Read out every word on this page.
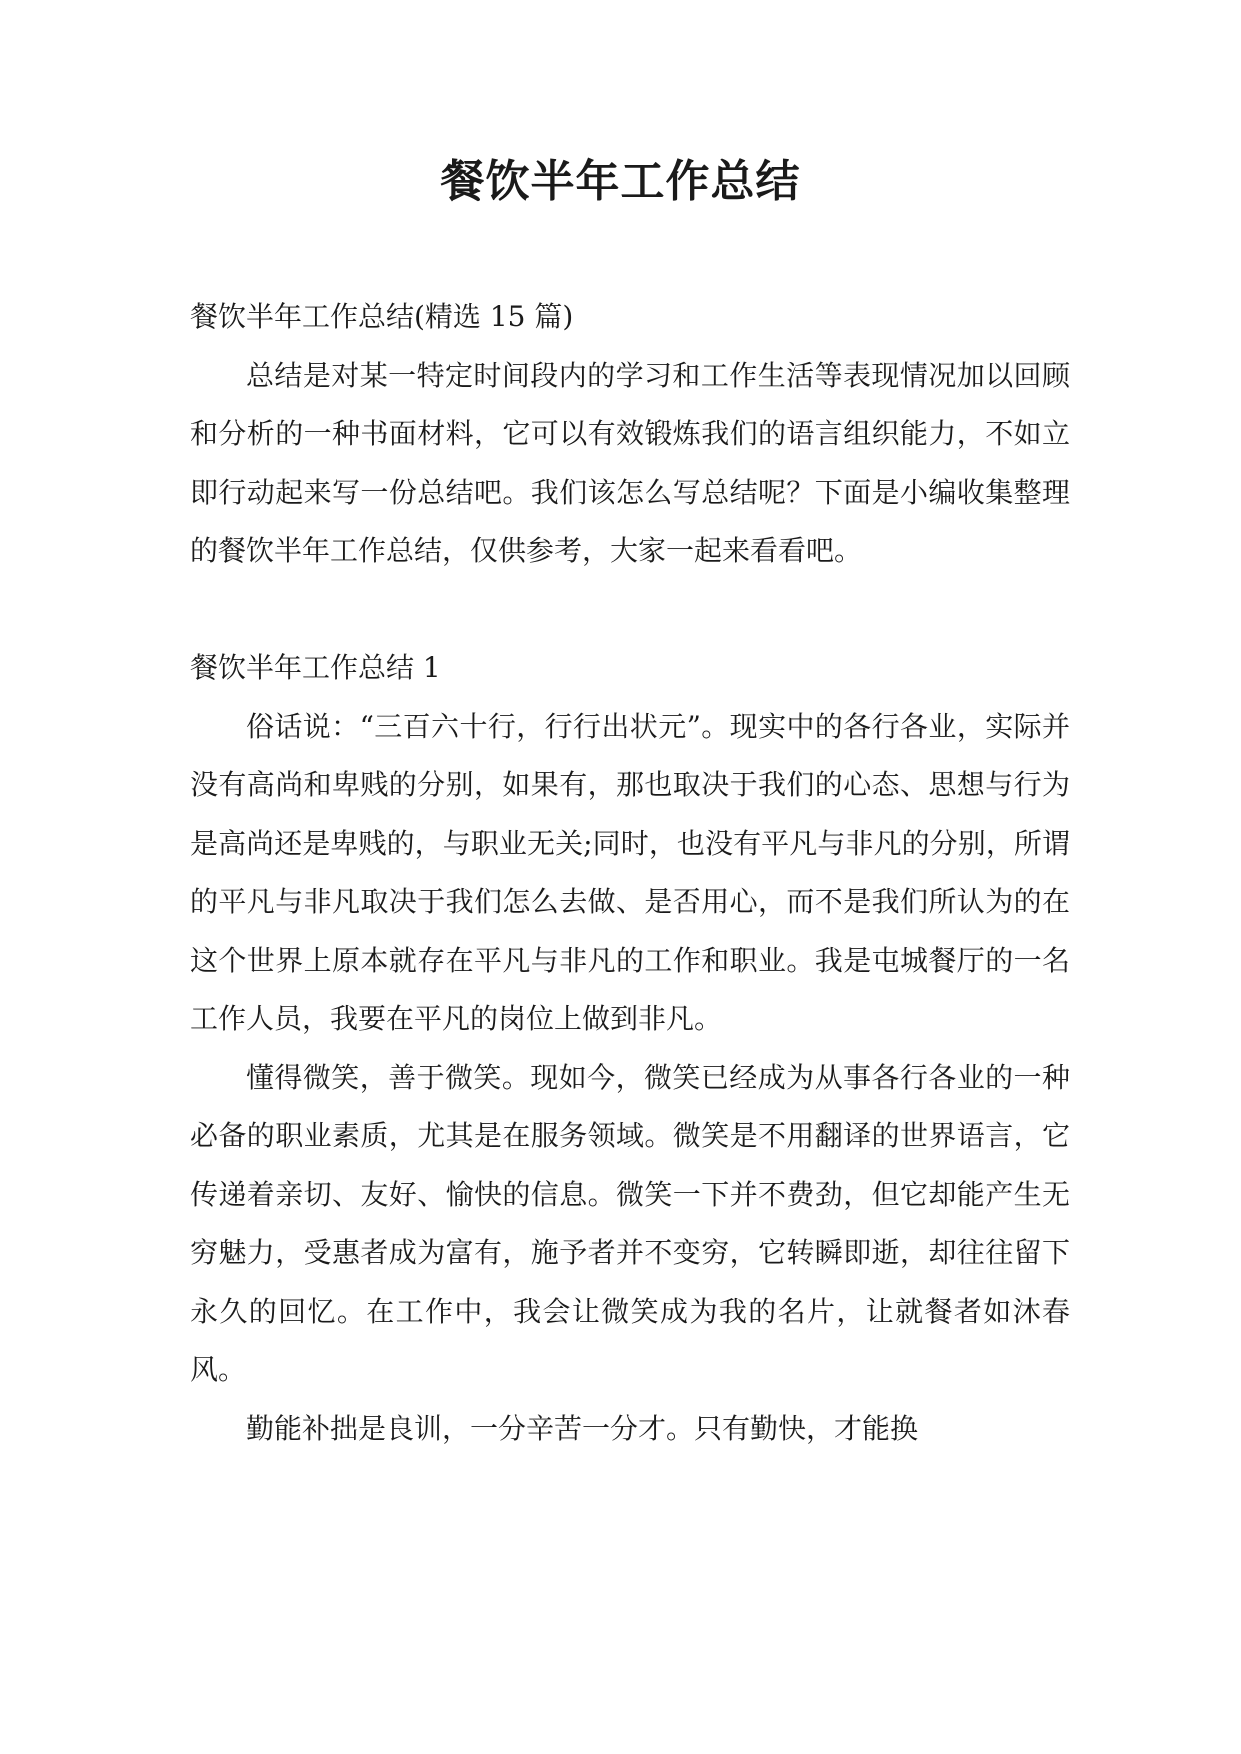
餐饮半年工作总结

餐饮半年工作总结(精选 15 篇)

总结是对某一特定时间段内的学习和工作生活等表现情况加以回顾和分析的一种书面材料，它可以有效锻炼我们的语言组织能力，不如立即行动起来写一份总结吧。我们该怎么写总结呢？下面是小编收集整理的餐饮半年工作总结，仅供参考，大家一起来看看吧。

餐饮半年工作总结 1

俗话说：“三百六十行，行行出状元”。现实中的各行各业，实际并没有高尚和卑贱的分别，如果有，那也取决于我们的心态、思想与行为是高尚还是卑贱的，与职业无关;同时，也没有平凡与非凡的分别，所谓的平凡与非凡取决于我们怎么去做、是否用心，而不是我们所认为的在这个世界上原本就存在平凡与非凡的工作和职业。我是屯城餐厅的一名工作人员，我要在平凡的岗位上做到非凡。

懂得微笑，善于微笑。现如今，微笑已经成为从事各行各业的一种必备的职业素质，尤其是在服务领域。微笑是不用翻译的世界语言，它传递着亲切、友好、愉快的信息。微笑一下并不费劲，但它却能产生无穷魅力，受惠者成为富有，施予者并不变穷，它转瞬即逝，却往往留下永久的回忆。在工作中，我会让微笑成为我的名片，让就餐者如沐春风。

勤能补拙是良训，一分辛苦一分才。只有勤快，才能换
